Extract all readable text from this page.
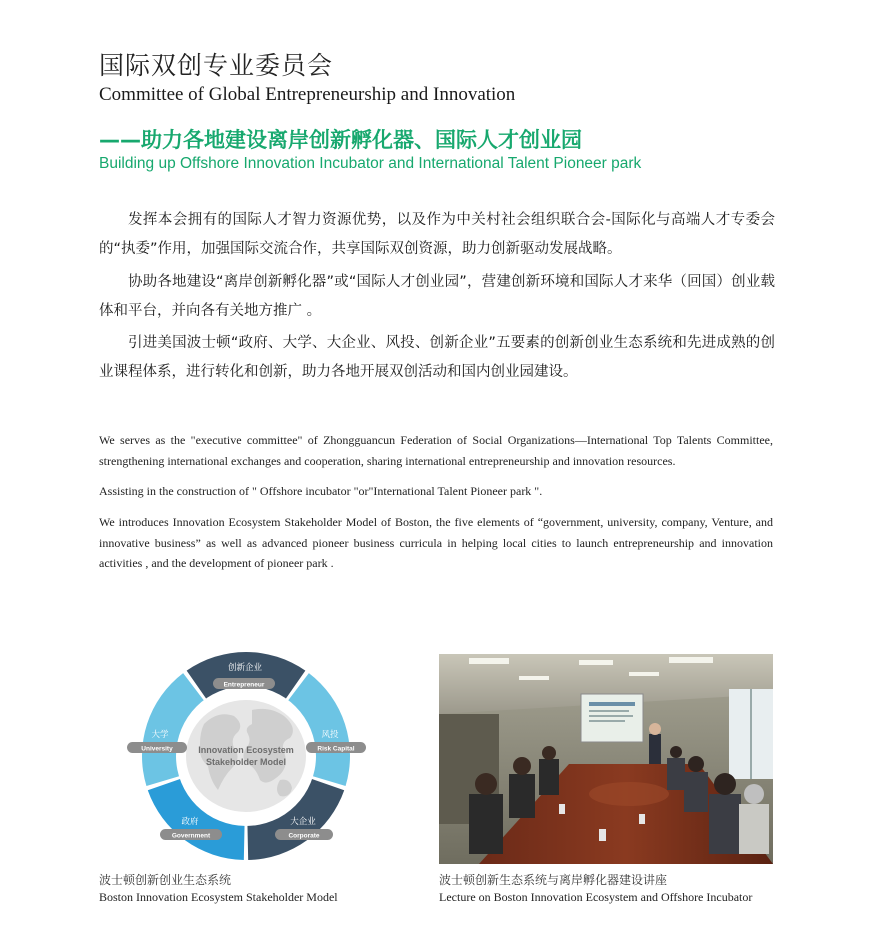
国际双创专业委员会
Committee of Global Entrepreneurship and Innovation
——助力各地建设离岸创新孵化器、国际人才创业园
Building up Offshore Innovation Incubator and International Talent Pioneer park

发挥本会拥有的国际人才智力资源优势，以及作为中关村社会组织联合会-国际化与高端人才专委会的“执委”作用，加强国际交流合作，共享国际双创资源，助力创新驱动发展战略。

协助各地建设“离岸创新孵化器”或“国际人才创业园”，营建创新环境和国际人才来华（回国）创业载体和平台，并向各有关地方推广 。

引进美国波士顿“政府、大学、大企业、风投、创新企业”五要素的创新创业生态系统和先进成熟的创业课程体系，进行转化和创新，助力各地开展双创活动和国内创业园建设。

We serves as the "executive committee" of Zhongguancun Federation of Social Organizations—International Top Talents Committee, strengthening international exchanges and cooperation, sharing international entrepreneurship and innovation resources.

Assisting in the construction of " Offshore incubator "or"International Talent Pioneer park ".

We introduces Innovation Ecosystem Stakeholder Model of Boston, the five elements of “government, university, company, Venture, and innovative business” as well as advanced pioneer business curricula in helping local cities to launch entrepreneurship and innovation activities , and the development of pioneer park .

Innovation Ecosystem
Stakeholder Model
创新企业
Entrepreneur
风投
Risk Capital
大企业
Corporate
政府
Government
大学
University
波士顿创新创业生态系统
Boston Innovation Ecosystem Stakeholder Model
波士顿创新生态系统与离岸孵化器建设讲座
Lecture on Boston Innovation Ecosystem and Offshore Incubator
